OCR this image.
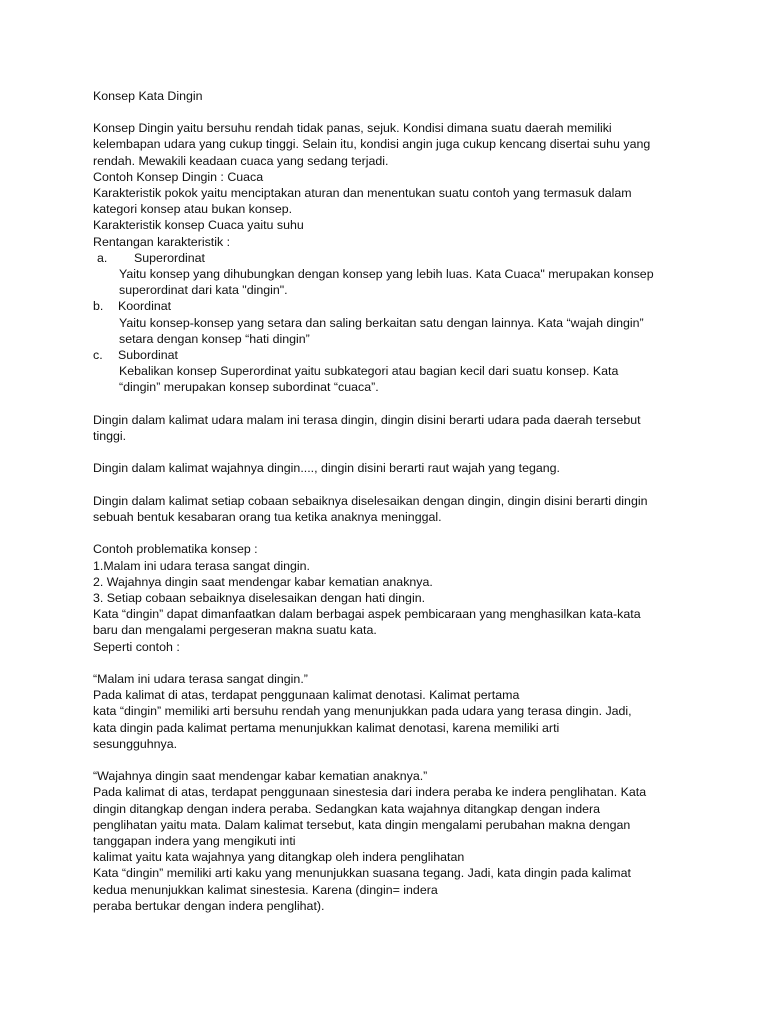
Konsep Kata Dingin
Konsep Dingin yaitu bersuhu rendah tidak panas, sejuk. Kondisi dimana suatu daerah memiliki
kelembapan udara yang cukup tinggi. Selain itu, kondisi angin juga cukup kencang disertai suhu yang
rendah. Mewakili keadaan cuaca yang sedang terjadi.
Contoh Konsep Dingin : Cuaca
Karakteristik pokok yaitu menciptakan aturan dan menentukan suatu contoh yang termasuk dalam
kategori konsep atau bukan konsep.
Karakteristik konsep Cuaca yaitu suhu
Rentangan karakteristik :
a.	Superordinat
Yaitu konsep yang dihubungkan dengan konsep yang lebih luas. Kata Cuaca" merupakan konsep
superordinat dari kata "dingin".
b.	Koordinat
Yaitu konsep-konsep yang setara dan saling berkaitan satu dengan lainnya. Kata “wajah dingin”
setara dengan konsep “hati dingin”
c.	Subordinat
Kebalikan konsep Superordinat yaitu subkategori atau bagian kecil dari suatu konsep. Kata
“dingin” merupakan konsep subordinat “cuaca”.
Dingin dalam kalimat udara malam ini terasa dingin, dingin disini berarti udara pada daerah tersebut
tinggi.
Dingin dalam kalimat wajahnya dingin...., dingin disini berarti raut wajah yang tegang.
Dingin dalam kalimat setiap cobaan sebaiknya diselesaikan dengan dingin, dingin disini berarti dingin
sebuah bentuk kesabaran orang tua ketika anaknya meninggal.
Contoh problematika konsep :
1.Malam ini udara terasa sangat dingin.
2. Wajahnya dingin saat mendengar kabar kematian anaknya.
3. Setiap cobaan sebaiknya diselesaikan dengan hati dingin.
Kata “dingin” dapat dimanfaatkan dalam berbagai aspek pembicaraan yang menghasilkan kata-kata
baru dan mengalami pergeseran makna suatu kata.
Seperti contoh :
“Malam ini udara terasa sangat dingin.”
Pada kalimat di atas, terdapat penggunaan kalimat denotasi. Kalimat pertama
kata “dingin” memiliki arti bersuhu rendah yang menunjukkan pada udara yang terasa dingin. Jadi,
kata dingin pada kalimat pertama menunjukkan kalimat denotasi, karena memiliki arti
sesungguhnya.
“Wajahnya dingin saat mendengar kabar kematian anaknya.”
Pada kalimat di atas, terdapat penggunaan sinestesia dari indera peraba ke indera penglihatan. Kata
dingin ditangkap dengan indera peraba. Sedangkan kata wajahnya ditangkap dengan indera
penglihatan yaitu mata. Dalam kalimat tersebut, kata dingin mengalami perubahan makna dengan
tanggapan indera yang mengikuti inti
kalimat yaitu kata wajahnya yang ditangkap oleh indera penglihatan
Kata “dingin” memiliki arti kaku yang menunjukkan suasana tegang. Jadi, kata dingin pada kalimat
kedua menunjukkan kalimat sinestesia. Karena (dingin= indera
peraba bertukar dengan indera penglihat).
